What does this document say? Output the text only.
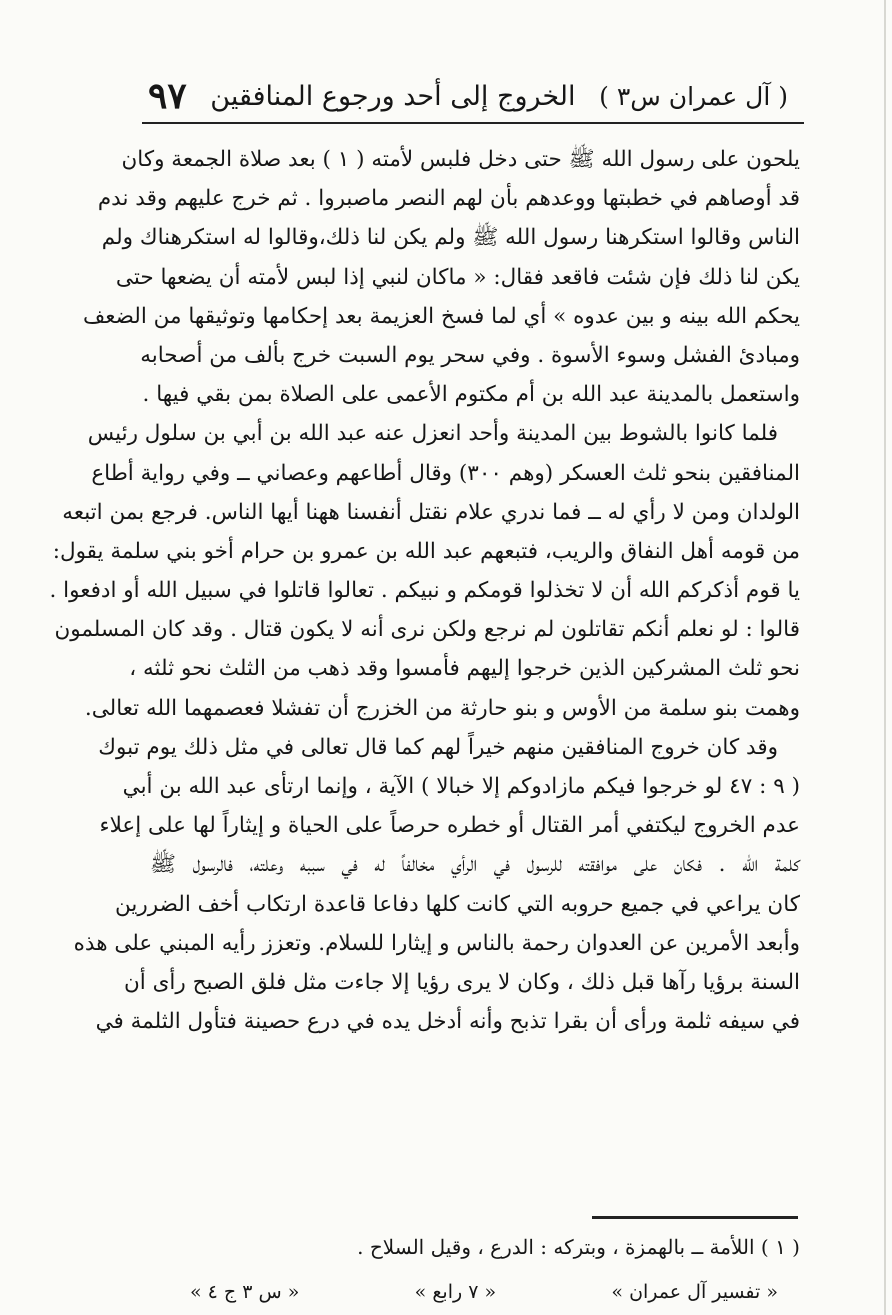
( آل عمران س٣ )
الخروج إلى أحد ورجوع المنافقين
٩٧
يلحون على رسول الله ﷺ حتى دخل فلبس لأمته ( ١ ) بعد صلاة الجمعة وكان
قد أوصاهم في خطبتها ووعدهم بأن لهم النصر ماصبروا . ثم خرج عليهم وقد ندم
الناس وقالوا استكرهنا رسول الله ﷺ ولم يكن لنا ذلك،وقالوا له استكرهناك ولم
يكن لنا ذلك فإن شئت فاقعد فقال: « ماكان لنبي إذا لبس لأمته أن يضعها حتى
يحكم الله بينه و بين عدوه » أي لما فسخ العزيمة بعد إحكامها وتوثيقها من الضعف
ومبادئ الفشل وسوء الأسوة . وفي سحر يوم السبت خرج بألف من أصحابه
واستعمل بالمدينة عبد الله بن أم مكتوم الأعمى على الصلاة بمن بقي فيها .
فلما كانوا بالشوط بين المدينة وأحد انعزل عنه عبد الله بن أبي بن سلول رئيس
المنافقين بنحو ثلث العسكر (وهم ٣٠٠) وقال أطاعهم وعصاني ــ وفي رواية أطاع
الولدان ومن لا رأي له ــ فما ندري علام نقتل أنفسنا ههنا أيها الناس. فرجع بمن اتبعه
من قومه أهل النفاق والريب، فتبعهم عبد الله بن عمرو بن حرام أخو بني سلمة يقول:
يا قوم أذكركم الله أن لا تخذلوا قومكم و نبيكم . تعالوا قاتلوا في سبيل الله أو ادفعوا .
قالوا : لو نعلم أنكم تقاتلون لم نرجع ولكن نرى أنه لا يكون قتال . وقد كان المسلمون
نحو ثلث المشركين الذين خرجوا إليهم فأمسوا وقد ذهب من الثلث نحو ثلثه ،
وهمت بنو سلمة من الأوس و بنو حارثة من الخزرج أن تفشلا فعصمهما الله تعالى.
وقد كان خروج المنافقين منهم خيراً لهم كما قال تعالى في مثل ذلك يوم تبوك
( ٩ : ٤٧ لو خرجوا فيكم مازادوكم إلا خبالا ) الآية ، وإنما ارتأى عبد الله بن أبي
عدم الخروج ليكتفي أمر القتال أو خطره حرصاً على الحياة و إيثاراً لها على إعلاء
كلمة الله . فكان على موافقته للرسول في الرأي مخالفاً له في سببه وعلته، فالرسول ﷺ
كان يراعي في جميع حروبه التي كانت كلها دفاعا قاعدة ارتكاب أخف الضررين
وأبعد الأمرين عن العدوان رحمة بالناس و إيثارا للسلام. وتعزز رأيه المبني على هذه
السنة برؤيا رآها قبل ذلك ، وكان لا يرى رؤيا إلا جاءت مثل فلق الصبح رأى أن
في سيفه ثلمة ورأى أن بقرا تذبح وأنه أدخل يده في درع حصينة فتأول الثلمة في
( ١ ) اللأمة ــ بالهمزة ، وبتركه : الدرع ، وقيل السلاح .
« تفسير آل عمران »
« ٧ رابع »
« س ٣ ج ٤ »
